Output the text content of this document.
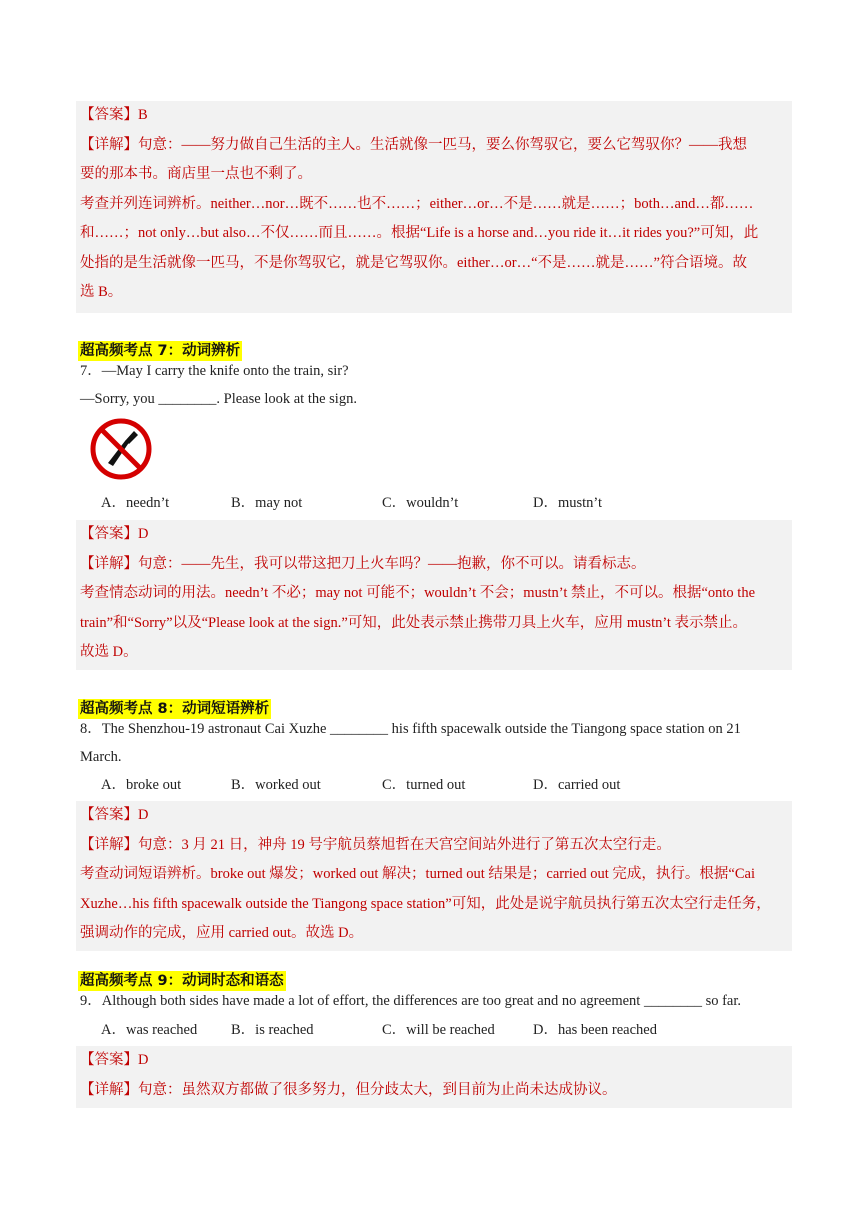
【答案】B

【详解】句意：——努力做自己生活的主人。生活就像一匹马，要么你驾驭它，要么它驾驭你？——我想

要的那本书。商店里一点也不剩了。

考查并列连词辨析。neither…nor…既不……也不……；either…or…不是……就是……；both…and…都……

和……；not only…but also…不仅……而且……。根据“Life is a horse and…you ride it…it rides you?”可知，此

处指的是生活就像一匹马，不是你驾驭它，就是它驾驭你。either…or…“不是……就是……”符合语境。故

选 B。

超高频考点 7：动词辨析

7．—May I carry the knife onto the train, sir?

—Sorry, you ________. Please look at the sign.

A．needn’t	B．may not	C．wouldn’t	D．mustn’t

【答案】D

【详解】句意：——先生，我可以带这把刀上火车吗？——抱歉，你不可以。请看标志。

考查情态动词的用法。needn’t 不必；may not 可能不；wouldn’t 不会；mustn’t 禁止，不可以。根据“onto the

train”和“Sorry”以及“Please look at the sign.”可知，此处表示禁止携带刀具上火车，应用 mustn’t 表示禁止。

故选 D。

超高频考点 8：动词短语辨析

8．The Shenzhou-19 astronaut Cai Xuzhe ________ his fifth spacewalk outside the Tiangong space station on 21

March.

A．broke out	B．worked out	C．turned out	D．carried out

【答案】D

【详解】句意：3 月 21 日，神舟 19 号宇航员蔡旭哲在天宫空间站外进行了第五次太空行走。

考查动词短语辨析。broke out 爆发；worked out 解决；turned out 结果是；carried out 完成，执行。根据“Cai

Xuzhe…his fifth spacewalk outside the Tiangong space station”可知，此处是说宇航员执行第五次太空行走任务，

强调动作的完成，应用 carried out。故选 D。

超高频考点 9：动词时态和语态

9．Although both sides have made a lot of effort, the differences are too great and no agreement ________ so far.

A．was reached B．is reached	C．will be reached	D．has been reached

【答案】D

【详解】句意：虽然双方都做了很多努力，但分歧太大，到目前为止尚未达成协议。
